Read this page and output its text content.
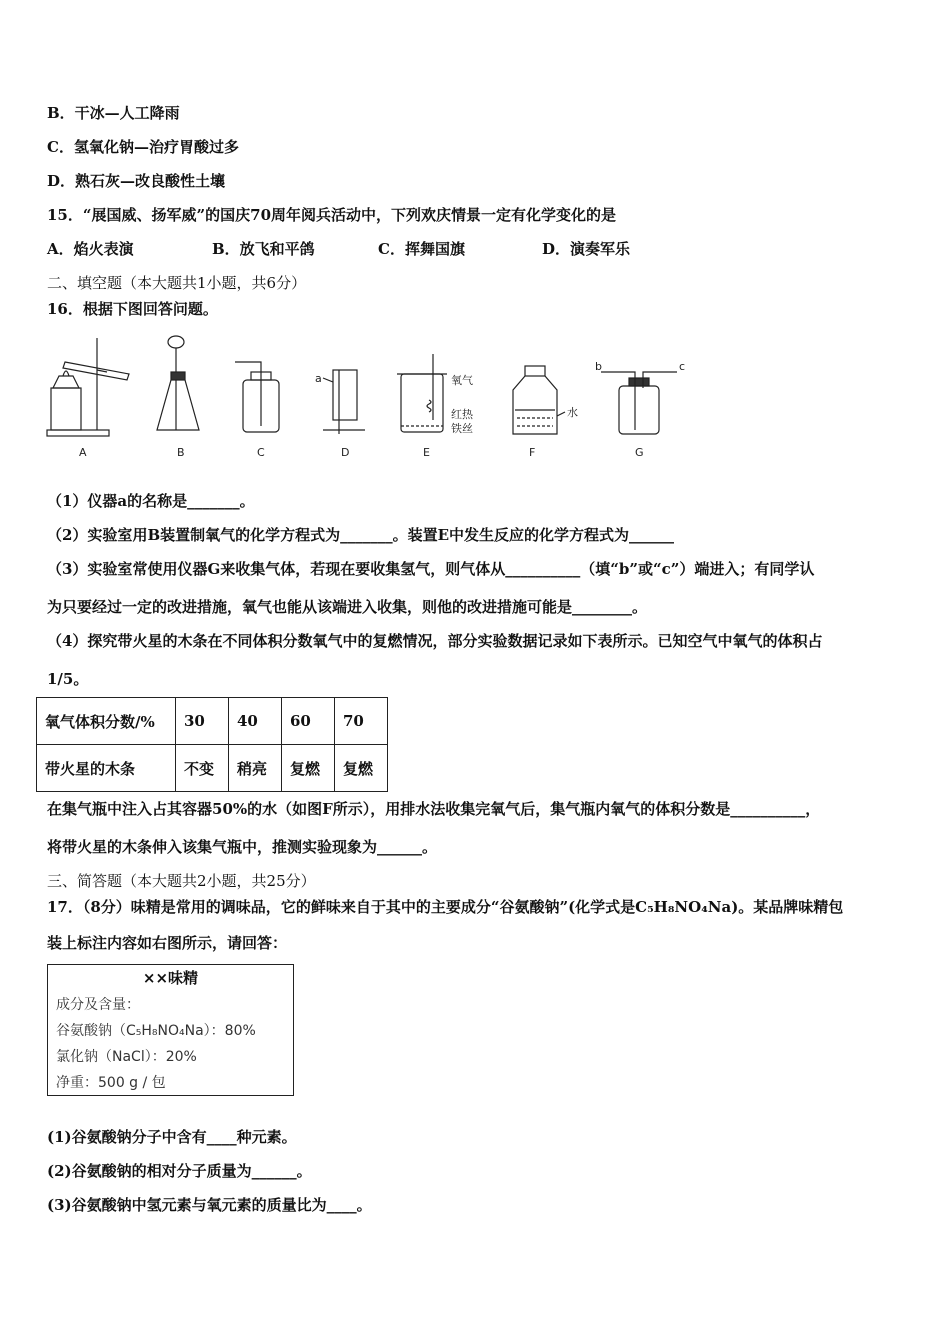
B．干冰—人工降雨
C．氢氧化钠—治疗胃酸过多
D．熟石灰—改良酸性土壤
15．“展国威、扬军威”的国庆70周年阅兵活动中，下列欢庆情景一定有化学变化的是
A．焰火表演	B．放飞和平鸽	C．挥舞国旗	D．演奏军乐
二、填空题（本大题共1小题，共6分）
16．根据下图回答问题。
A	B	C	D	E	F	G
a
b	c
氧气
红热
铁丝
水
（1）仪器a的名称是_______。
（2）实验室用B装置制氧气的化学方程式为_______。装置E中发生反应的化学方程式为______
（3）实验室常使用仪器G来收集气体，若现在要收集氢气，则气体从__________（填“b”或“c”）端进入；有同学认
为只要经过一定的改进措施，氧气也能从该端进入收集，则他的改进措施可能是________。
（4）探究带火星的木条在不同体积分数氧气中的复燃情况，部分实验数据记录如下表所示。已知空气中氧气的体积占
1/5。
氧气体积分数/%	30	40	60	70
带火星的木条	不变	稍亮	复燃	复燃
在集气瓶中注入占其容器50%的水（如图F所示），用排水法收集完氧气后，集气瓶内氧气的体积分数是__________，
将带火星的木条伸入该集气瓶中，推测实验现象为______。
三、简答题（本大题共2小题，共25分）
17．（8分）味精是常用的调味品，它的鲜味来自于其中的主要成分“谷氨酸钠”(化学式是C₅H₈NO₄Na)。某品牌味精包
装上标注内容如右图所示，请回答：
××味精
成分及含量：
谷氨酸钠（C₅H₈NO₄Na）：80%
氯化钠（NaCl）：20%
净重：500 g / 包
(1)谷氨酸钠分子中含有____种元素。
(2)谷氨酸钠的相对分子质量为______。
(3)谷氨酸钠中氢元素与氧元素的质量比为____。
